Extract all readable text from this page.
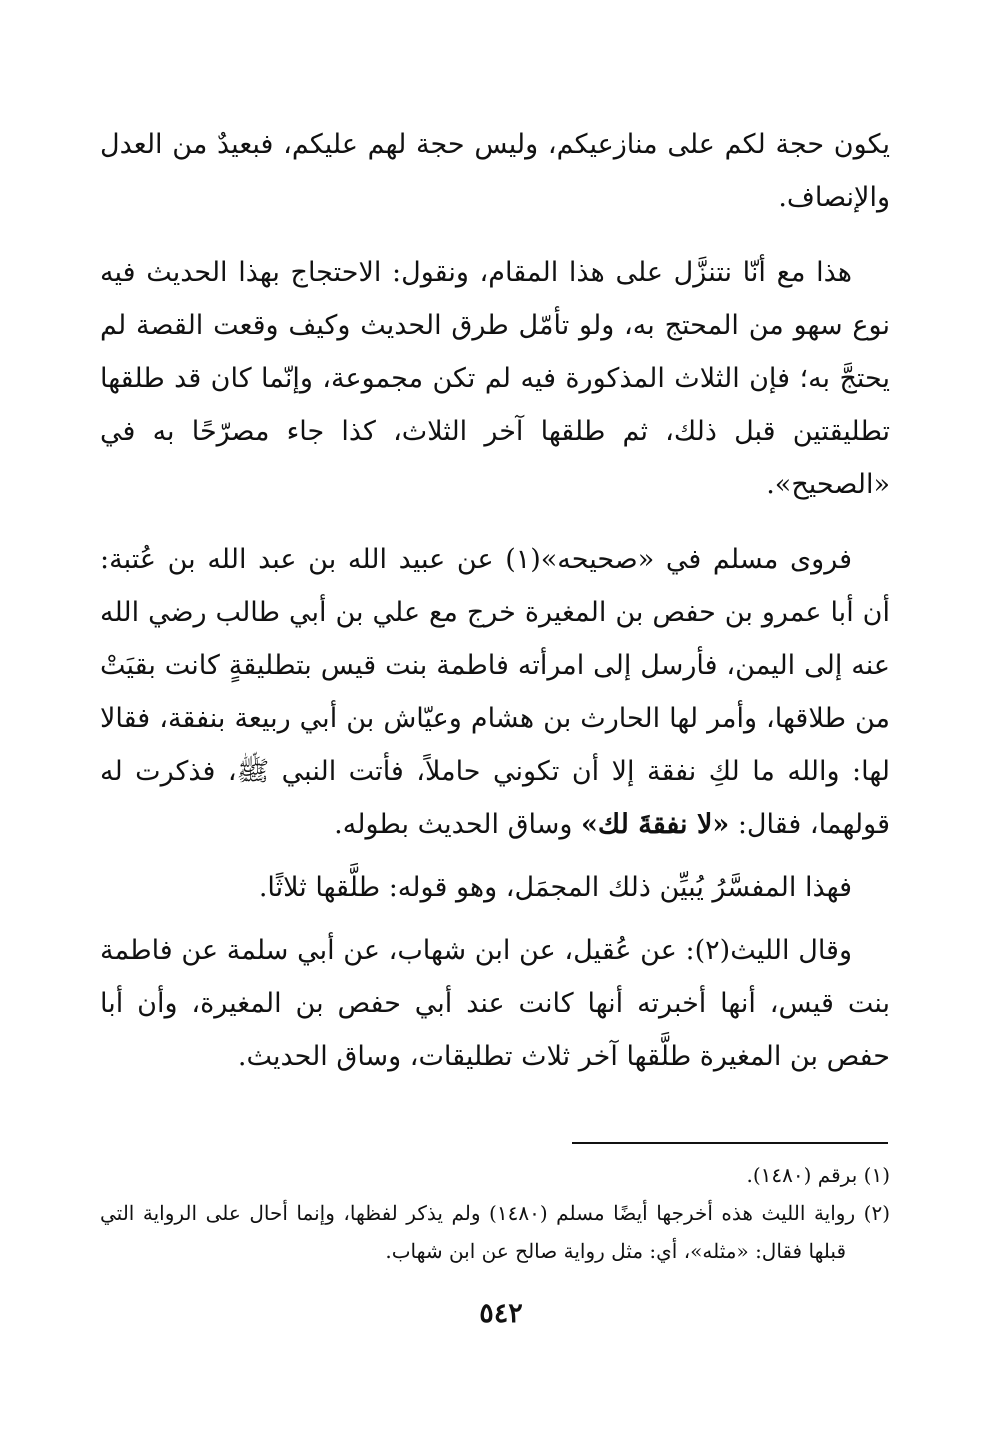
يكون حجة لكم على منازعيكم، وليس حجة لهم عليكم، فبعيدٌ من العدل والإنصاف.

هذا مع أنّا نتنزَّل على هذا المقام، ونقول: الاحتجاج بهذا الحديث فيه نوع سهو من المحتج به، ولو تأمّل طرق الحديث وكيف وقعت القصة لم يحتجَّ به؛ فإن الثلاث المذكورة فيه لم تكن مجموعة، وإنّما كان قد طلقها تطليقتين قبل ذلك، ثم طلقها آخر الثلاث، كذا جاء مصرّحًا به في «الصحيح».

فروى مسلم في «صحيحه»(١) عن عبيد الله بن عبد الله بن عُتبة: أن أبا عمرو بن حفص بن المغيرة خرج مع علي بن أبي طالب رضي الله عنه إلى اليمن، فأرسل إلى امرأته فاطمة بنت قيس بتطليقةٍ كانت بقيَتْ من طلاقها، وأمر لها الحارث بن هشام وعيّاش بن أبي ربيعة بنفقة، فقالا لها: والله ما لكِ نفقة إلا أن تكوني حاملاً، فأتت النبي ﷺ، فذكرت له قولهما، فقال: «لا نفقةَ لك» وساق الحديث بطوله.

فهذا المفسَّرُ يُبيِّن ذلك المجمَل، وهو قوله: طلَّقها ثلاثًا.

وقال الليث(٢): عن عُقيل، عن ابن شهاب، عن أبي سلمة عن فاطمة بنت قيس، أنها أخبرته أنها كانت عند أبي حفص بن المغيرة، وأن أبا حفص بن المغيرة طلَّقها آخر ثلاث تطليقات، وساق الحديث.

(١) برقم (١٤٨٠).

(٢) رواية الليث هذه أخرجها أيضًا مسلم (١٤٨٠) ولم يذكر لفظها، وإنما أحال على الرواية التي قبلها فقال: «مثله»، أي: مثل رواية صالح عن ابن شهاب.

٥٤٢
